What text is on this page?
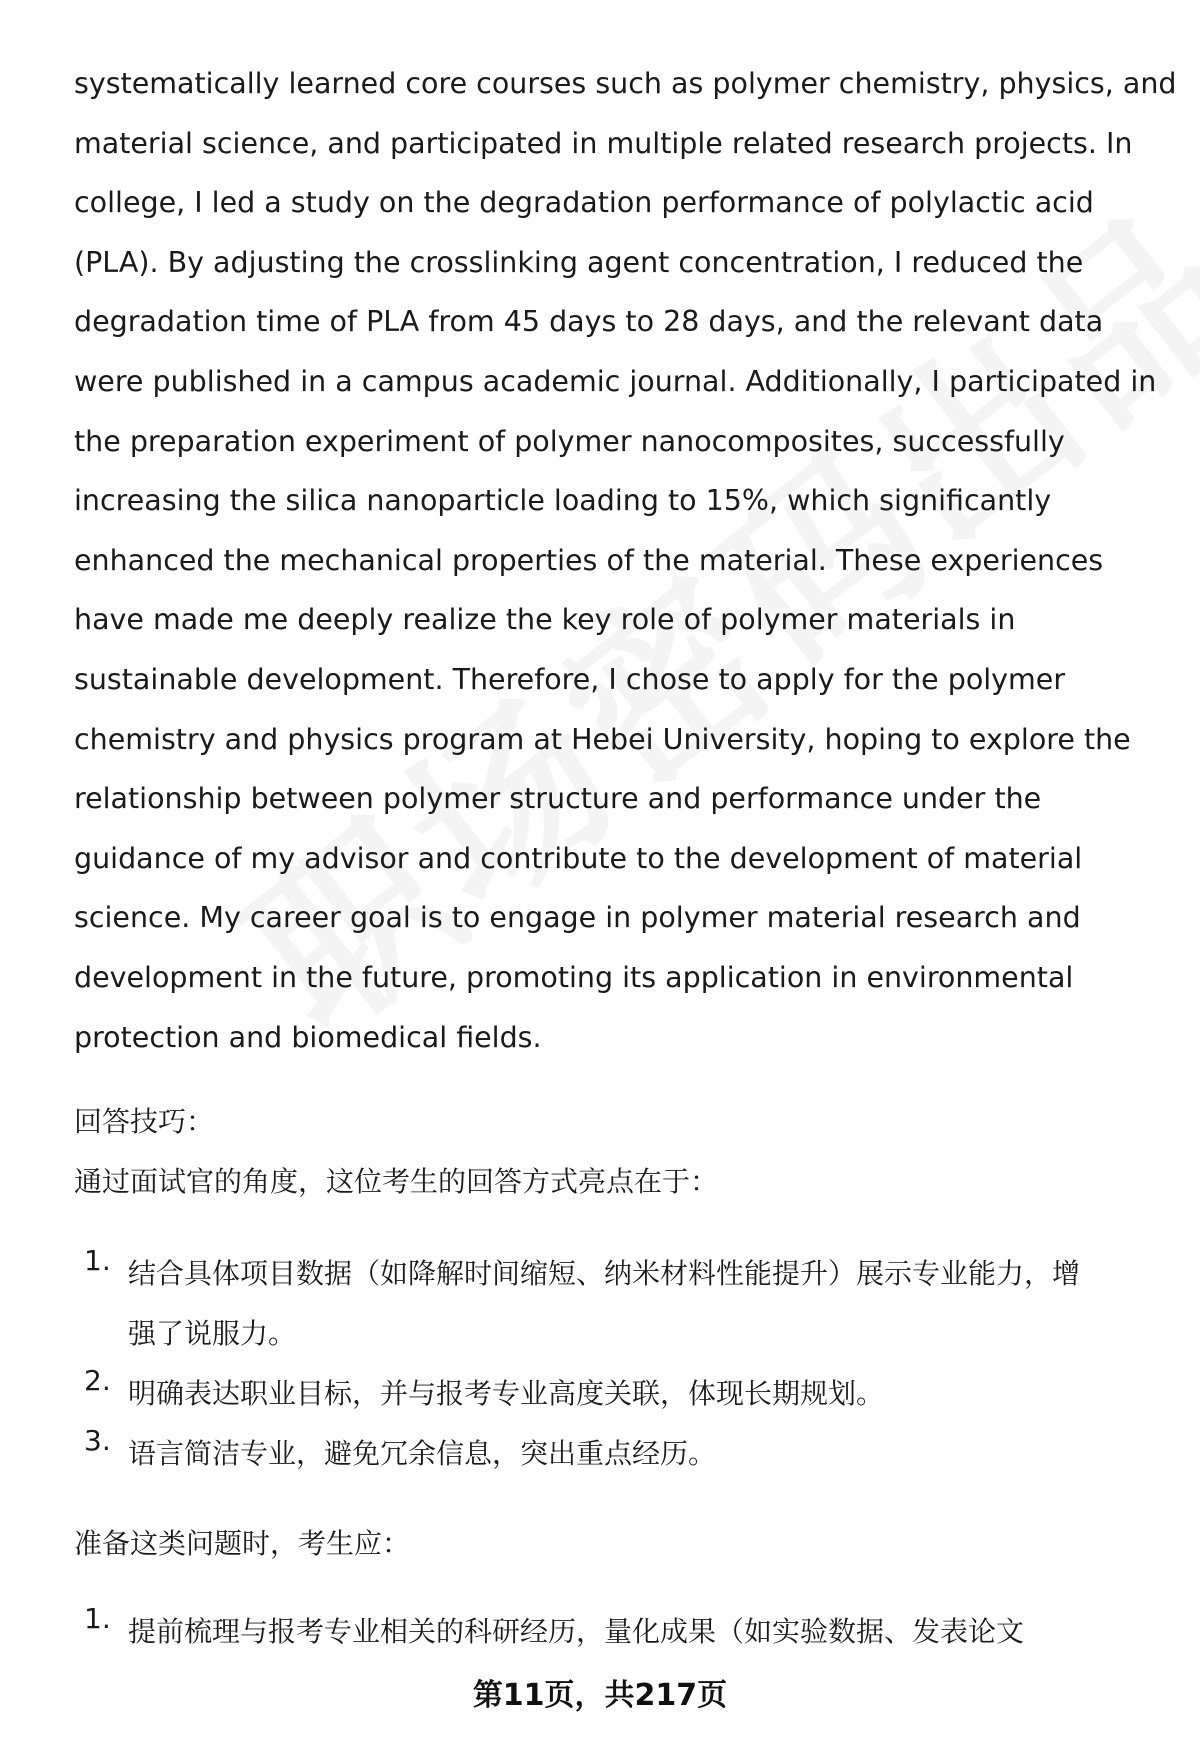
systematically learned core courses such as polymer chemistry, physics, and
material science, and participated in multiple related research projects. In
college, I led a study on the degradation performance of polylactic acid
(PLA). By adjusting the crosslinking agent concentration, I reduced the
degradation time of PLA from 45 days to 28 days, and the relevant data
were published in a campus academic journal. Additionally, I participated in
the preparation experiment of polymer nanocomposites, successfully
increasing the silica nanoparticle loading to 15%, which significantly
enhanced the mechanical properties of the material. These experiences
have made me deeply realize the key role of polymer materials in
sustainable development. Therefore, I chose to apply for the polymer
chemistry and physics program at Hebei University, hoping to explore the
relationship between polymer structure and performance under the
guidance of my advisor and contribute to the development of material
science. My career goal is to engage in polymer material research and
development in the future, promoting its application in environmental
protection and biomedical fields.
回答技巧：
通过面试官的角度，这位考生的回答方式亮点在于：
1. 结合具体项目数据（如降解时间缩短、纳米材料性能提升）展示专业能力，增
强了说服力。
2. 明确表达职业目标，并与报考专业高度关联，体现长期规划。
3. 语言简洁专业，避免冗余信息，突出重点经历。
准备这类问题时，考生应：
1. 提前梳理与报考专业相关的科研经历，量化成果（如实验数据、发表论文
第11页，共217页
